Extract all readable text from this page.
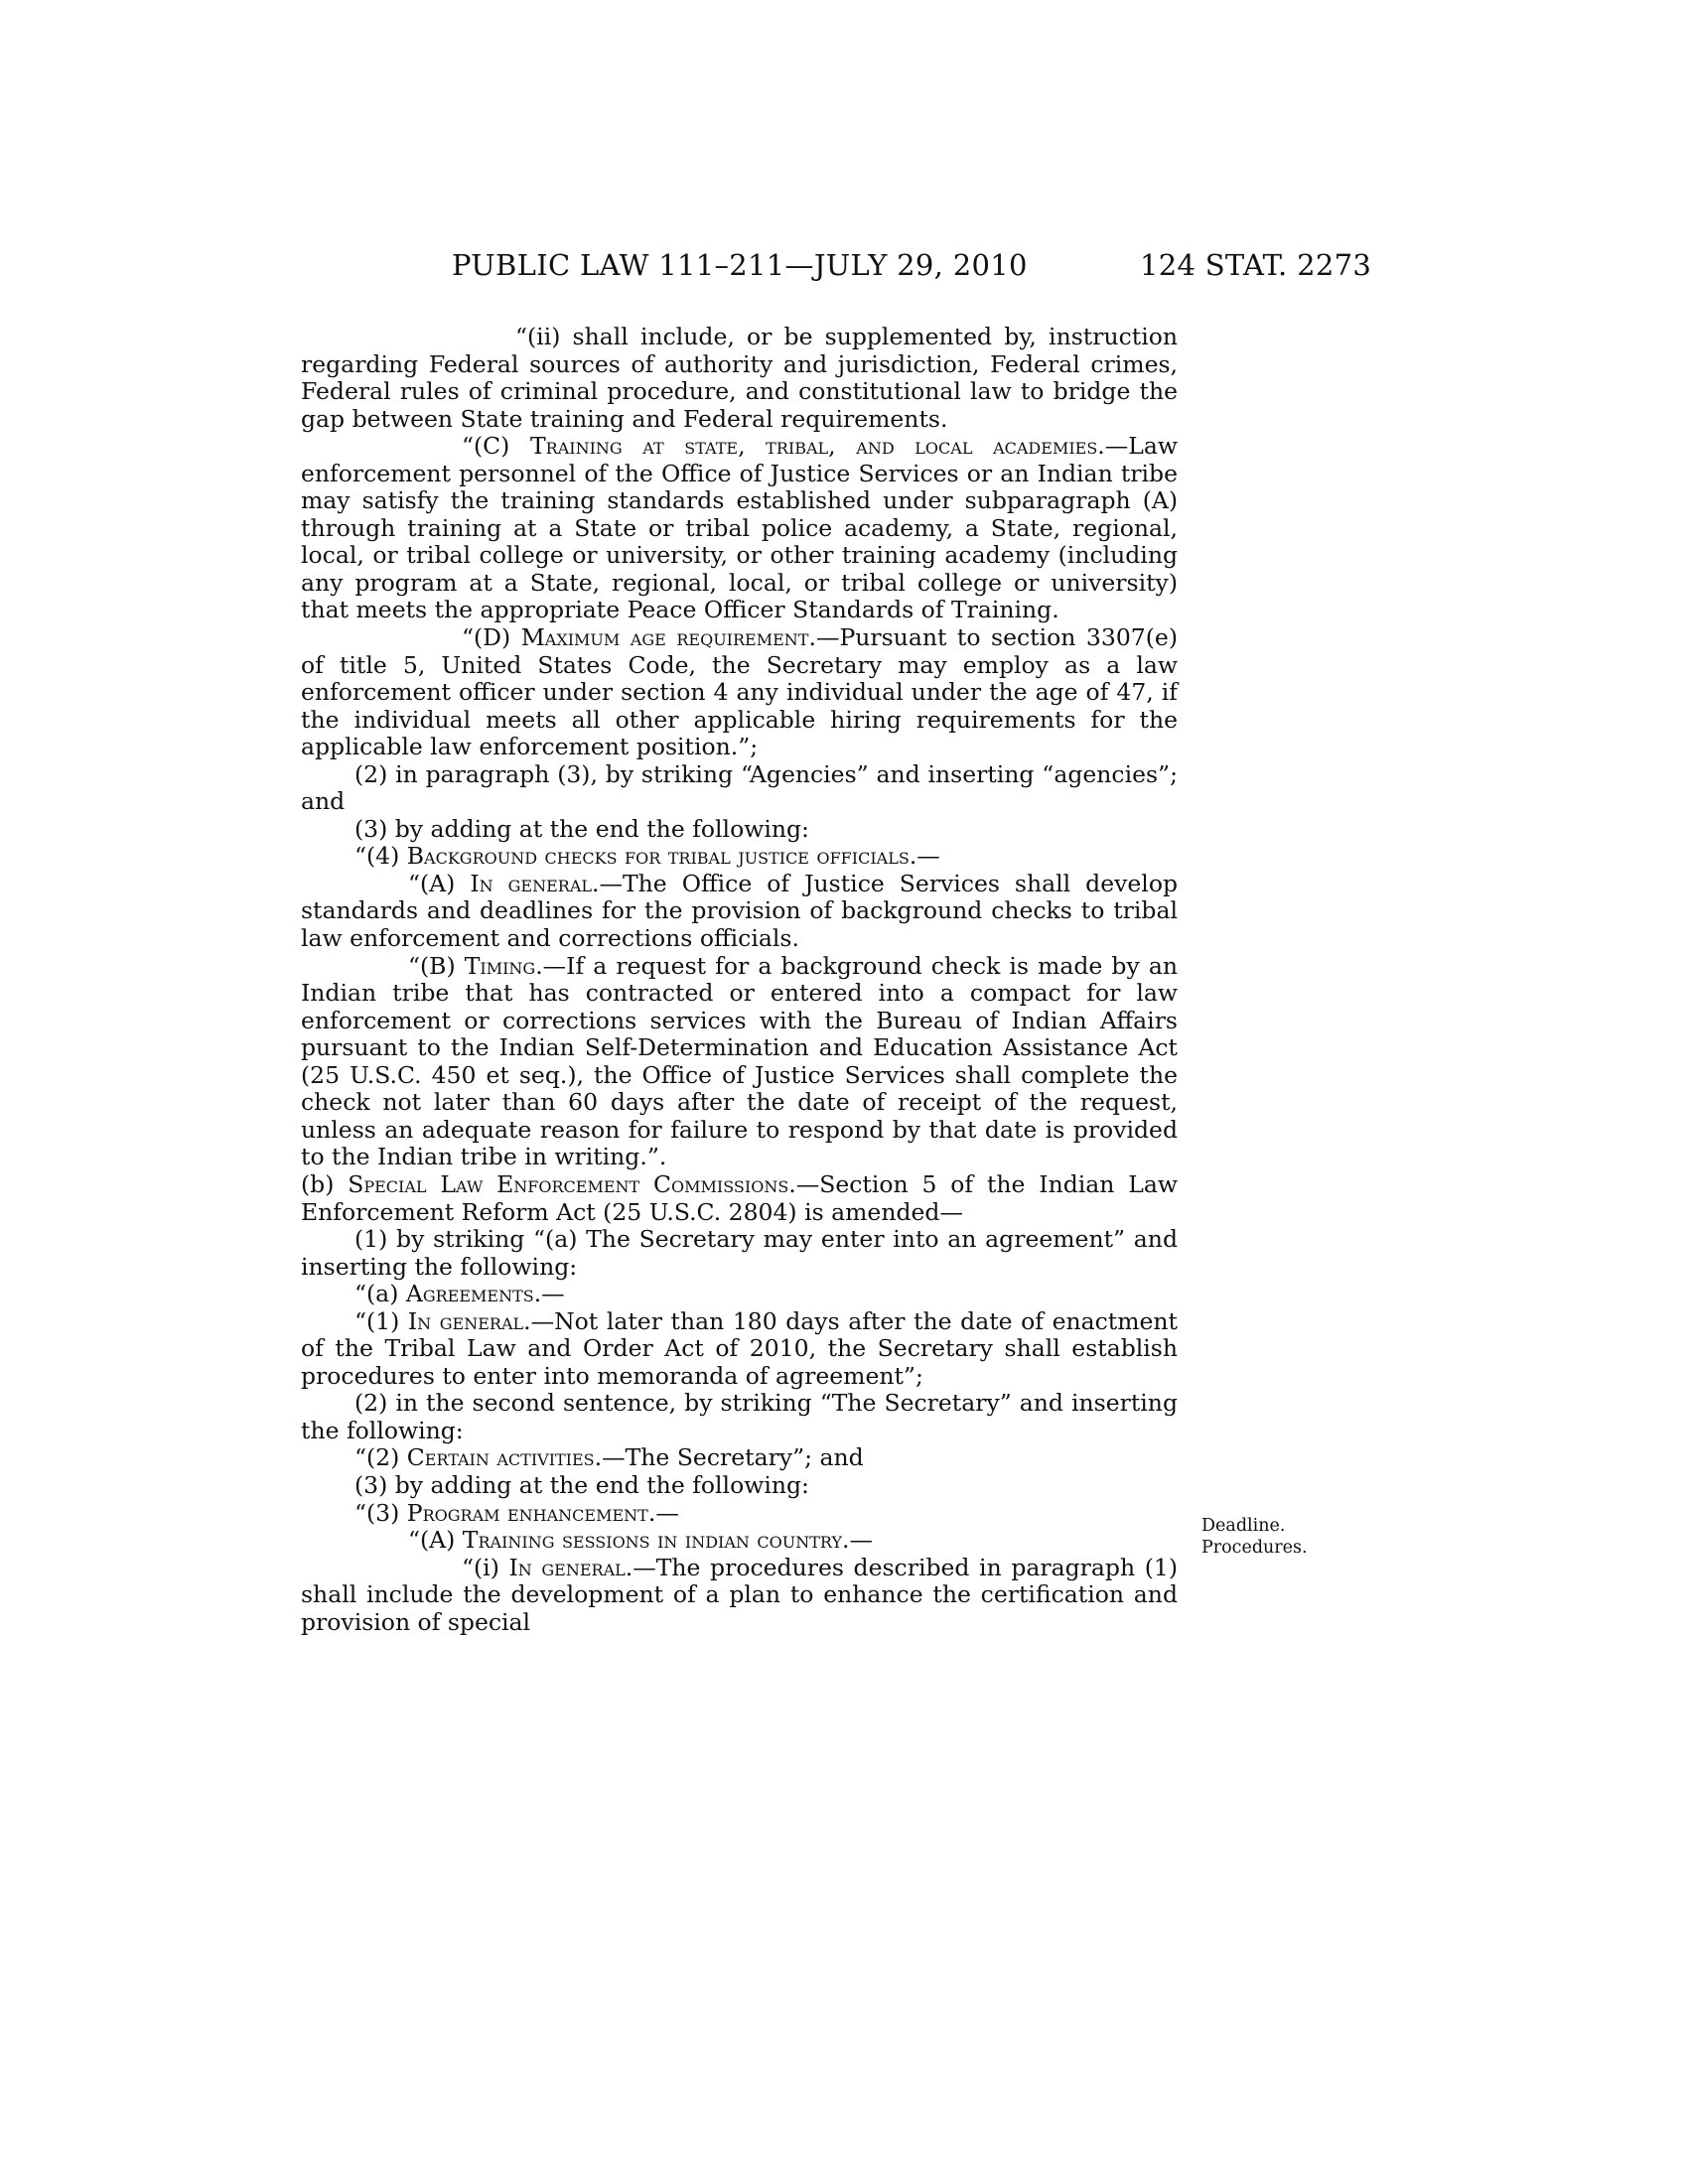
PUBLIC LAW 111–211—JULY 29, 2010	124 STAT. 2273

“(ii) shall include, or be supplemented by, instruction regarding Federal sources of authority and jurisdiction, Federal crimes, Federal rules of criminal procedure, and constitutional law to bridge the gap between State training and Federal requirements.

“(C) Training at state, tribal, and local academies.—Law enforcement personnel of the Office of Justice Services or an Indian tribe may satisfy the training standards established under subparagraph (A) through training at a State or tribal police academy, a State, regional, local, or tribal college or university, or other training academy (including any program at a State, regional, local, or tribal college or university) that meets the appropriate Peace Officer Standards of Training.

“(D) Maximum age requirement.—Pursuant to section 3307(e) of title 5, United States Code, the Secretary may employ as a law enforcement officer under section 4 any individual under the age of 47, if the individual meets all other applicable hiring requirements for the applicable law enforcement position.”;

(2) in paragraph (3), by striking “Agencies” and inserting “agencies”; and

(3) by adding at the end the following:

“(4) Background checks for tribal justice officials.—

“(A) In general.—The Office of Justice Services shall develop standards and deadlines for the provision of background checks to tribal law enforcement and corrections officials.

“(B) Timing.—If a request for a background check is made by an Indian tribe that has contracted or entered into a compact for law enforcement or corrections services with the Bureau of Indian Affairs pursuant to the Indian Self-Determination and Education Assistance Act (25 U.S.C. 450 et seq.), the Office of Justice Services shall complete the check not later than 60 days after the date of receipt of the request, unless an adequate reason for failure to respond by that date is provided to the Indian tribe in writing.”.

(b) Special Law Enforcement Commissions.—Section 5 of the Indian Law Enforcement Reform Act (25 U.S.C. 2804) is amended—

(1) by striking “(a) The Secretary may enter into an agreement” and inserting the following:

“(a) Agreements.—

“(1) In general.—Not later than 180 days after the date of enactment of the Tribal Law and Order Act of 2010, the Secretary shall establish procedures to enter into memoranda of agreement”;

(2) in the second sentence, by striking “The Secretary” and inserting the following:

“(2) Certain activities.—The Secretary”; and

(3) by adding at the end the following:

“(3) Program enhancement.—

“(A) Training sessions in indian country.—

“(i) In general.—The procedures described in paragraph (1) shall include the development of a plan to enhance the certification and provision of special

Deadline.
Procedures.
